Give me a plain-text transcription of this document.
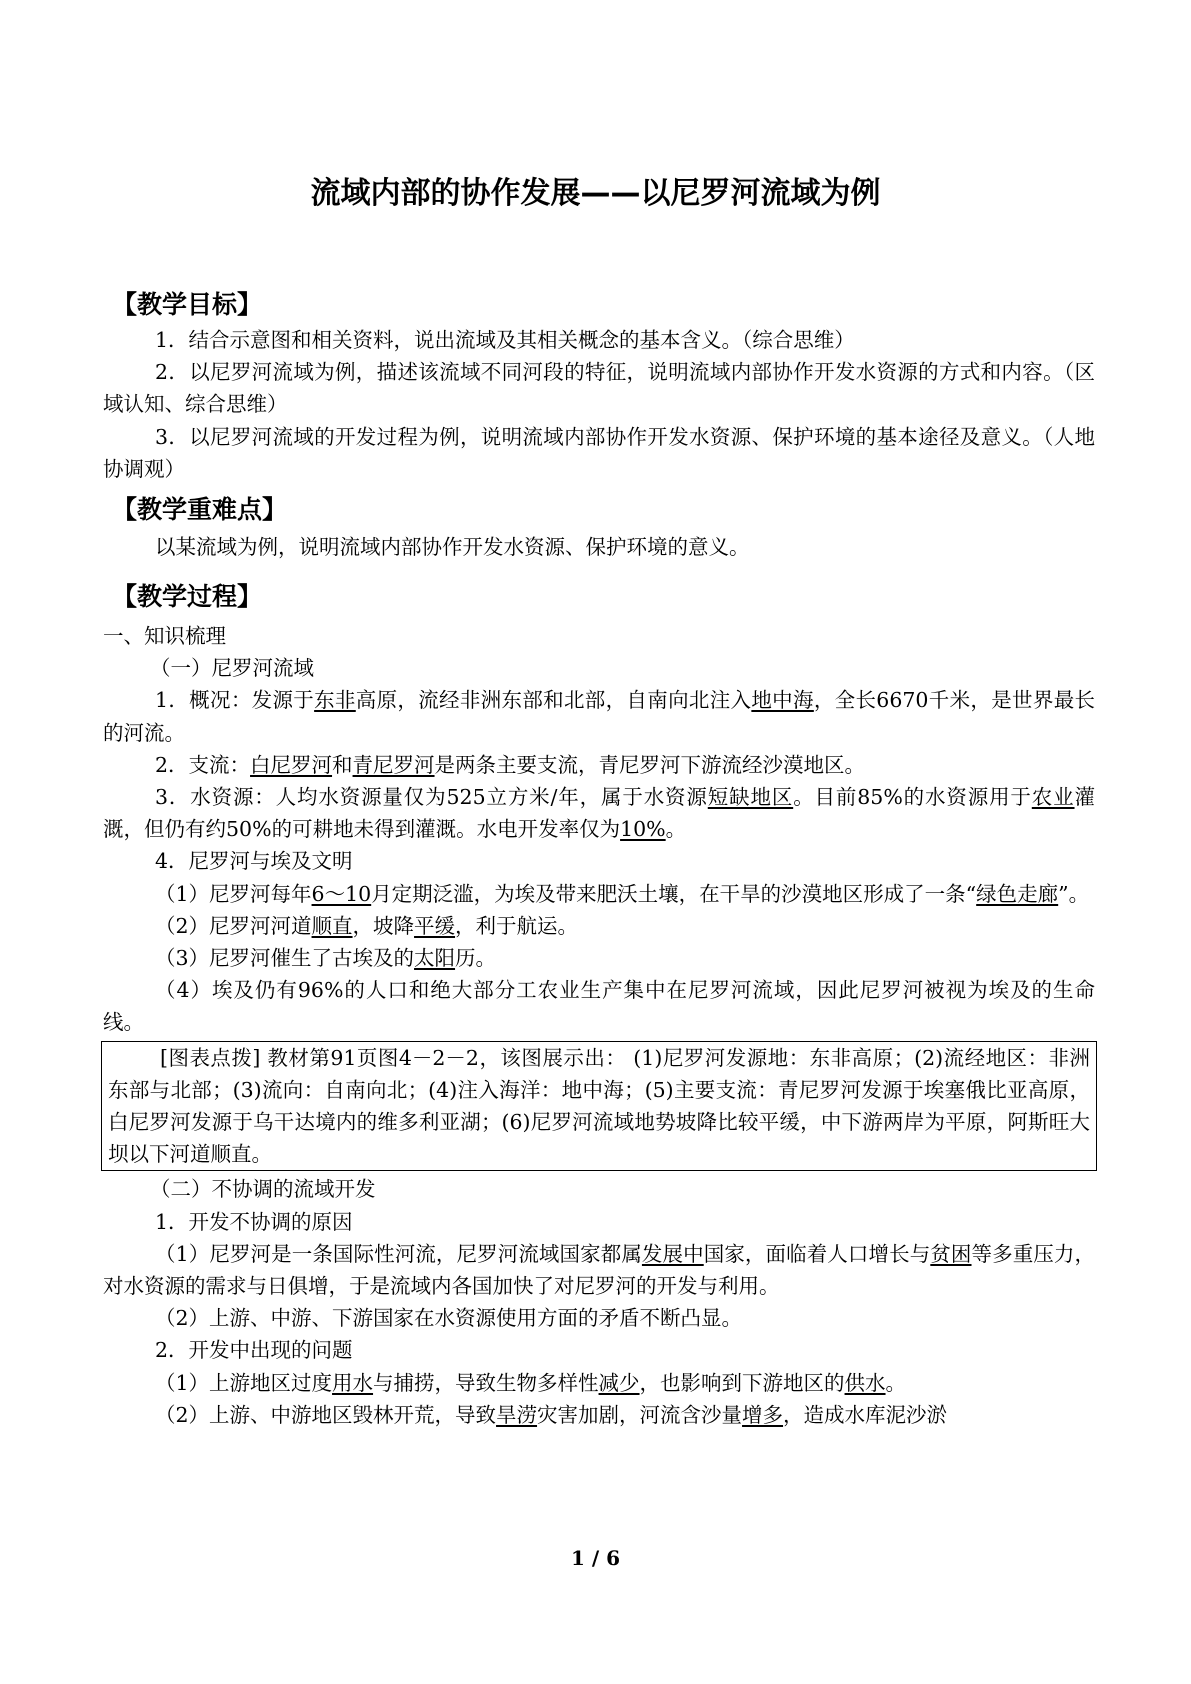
流域内部的协作发展——以尼罗河流域为例
【教学目标】

1．结合示意图和相关资料，说出流域及其相关概念的基本含义。（综合思维）

2．以尼罗河流域为例，描述该流域不同河段的特征，说明流域内部协作开发水资源的方式和内容。（区域认知、综合思维）

3．以尼罗河流域的开发过程为例，说明流域内部协作开发水资源、保护环境的基本途径及意义。（人地协调观）

【教学重难点】

以某流域为例，说明流域内部协作开发水资源、保护环境的意义。

【教学过程】

一、知识梳理

（一）尼罗河流域

1．概况：发源于东非高原，流经非洲东部和北部，自南向北注入地中海，全长6670千米，是世界最长的河流。

2．支流：白尼罗河和青尼罗河是两条主要支流，青尼罗河下游流经沙漠地区。

3．水资源：人均水资源量仅为525立方米/年，属于水资源短缺地区。目前85%的水资源用于农业灌溉，但仍有约50%的可耕地未得到灌溉。水电开发率仅为10%。

4．尼罗河与埃及文明

（1）尼罗河每年6～10月定期泛滥，为埃及带来肥沃土壤，在干旱的沙漠地区形成了一条“绿色走廊”。

（2）尼罗河河道顺直，坡降平缓，利于航运。

（3）尼罗河催生了古埃及的太阳历。

（4）埃及仍有96%的人口和绝大部分工农业生产集中在尼罗河流域，因此尼罗河被视为埃及的生命线。

[图表点拨] 教材第91页图4－2－2，该图展示出： (1)尼罗河发源地：东非高原；(2)流经地区：非洲东部与北部；(3)流向：自南向北；(4)注入海洋：地中海；(5)主要支流：青尼罗河发源于埃塞俄比亚高原，白尼罗河发源于乌干达境内的维多利亚湖；(6)尼罗河流域地势坡降比较平缓，中下游两岸为平原，阿斯旺大坝以下河道顺直。

（二）不协调的流域开发

1．开发不协调的原因

（1）尼罗河是一条国际性河流，尼罗河流域国家都属发展中国家，面临着人口增长与贫困等多重压力，对水资源的需求与日俱增，于是流域内各国加快了对尼罗河的开发与利用。

（2）上游、中游、下游国家在水资源使用方面的矛盾不断凸显。

2．开发中出现的问题

（1）上游地区过度用水与捕捞，导致生物多样性减少，也影响到下游地区的供水。

（2）上游、中游地区毁林开荒，导致旱涝灾害加剧，河流含沙量增多，造成水库泥沙淤

1 / 6
